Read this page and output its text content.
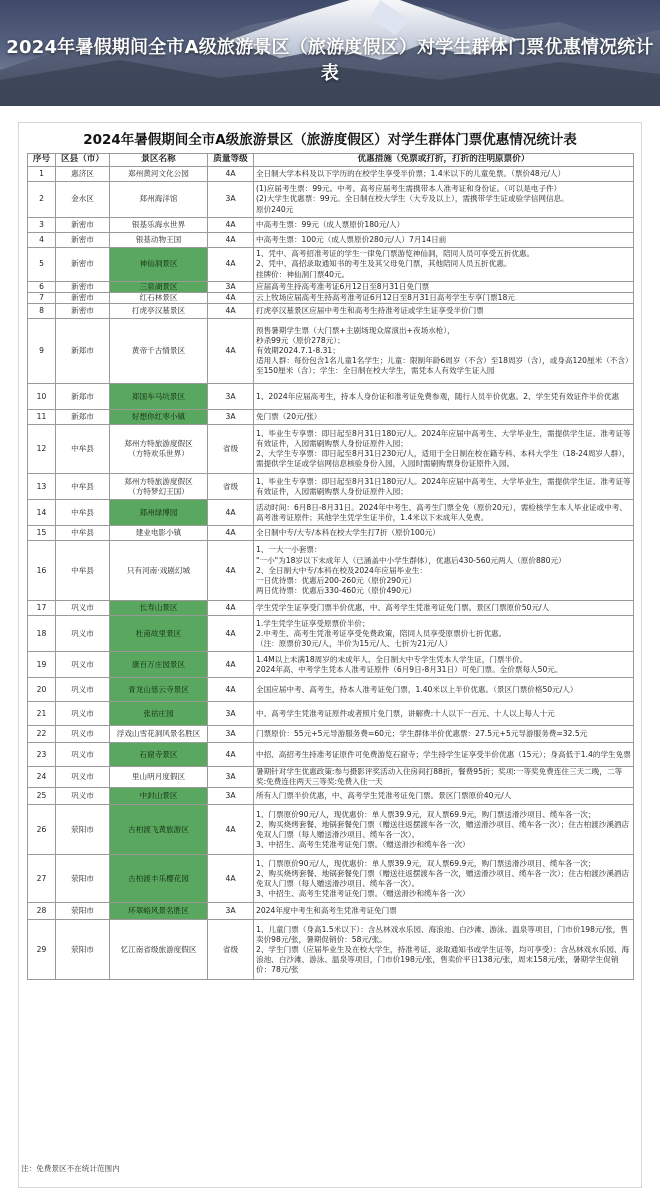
2024年暑假期间全市A级旅游景区（旅游度假区）对学生群体门票优惠情况统计表
2024年暑假期间全市A级旅游景区（旅游度假区）对学生群体门票优惠情况统计表
序号	区县（市）	景区名称	质量等级	优惠措施（免票或打折，打折的注明原票价）
1	惠济区	郑州黄河文化公园	4A	全日制大学本科及以下学历的在校学生享受半价票；1.4米以下的儿童免票。（票价48元/人）
2	金水区	郑州海洋馆	3A	(1)应届考生票：99元。中考、高考应届考生需携带本人准考证和身份证。（可以是电子件）
(2)大学生优惠票：99元。全日制在校大学生（大专及以上），需携带学生证或验学信网信息。
原价240元
3	新密市	银基乐海水世界	4A	中高考生票：99元（成人票原价180元/人）
4	新密市	银基动物王国	4A	中高考生票：100元（成人票原价280元/人）7月14日前
5	新密市	神仙洞景区	4A	1、凭中、高考招准考证的学生一律免门票游览神仙洞，陪同人员可享受五折优惠。
2、凭中、高招录取通知书的考生及其父母免门票，其他陪同人员五折优惠。
挂牌价：神仙洞门票40元。
6	新密市	三泉湖景区	3A	应届高考生持高考准考证6月12日至8月31日免门票
7	新密市	红石林景区	4A	云上牧场应届高考生持高考准考证6月12日至8月31日高考学生专享门票18元
8	新密市	打虎亭汉墓景区	4A	打虎亭汉墓景区应届中考生和高考生持准考证或学生证享受半价门票
9	新郑市	黄帝千古情景区	4A	预售暑期学生票（大门票+主剧场现众席演出+夜场水枪），
秒杀99元（原价278元）；
有效期2024.7.1-8.31；
适用人群：每份包含1名儿童1名学生；儿童：限制年龄6周岁（不含）至18周岁（含），或身高120厘米（不含）至150厘米（含）；学生：全日制在校大学生，需凭本人有效学生证入园
10	新郑市	郑国车马坑景区	3A	1、2024年应届高考生，持本人身份证和准考证免费参观，随行人员半价优惠。2、学生凭有效证件半价优惠
11	新郑市	好想你红枣小镇	3A	免门票（20元/张）
12	中牟县	郑州方特旅游度假区
（方特欢乐世界）	省级	1、毕业生专享票：即日起至8月31日180元/人。2024年应届中高考生、大学毕业生，需提供学生证、准考证等有效证件，入园需刷购票人身份证原件入园；
2、大学生专享票：即日起至8月31日230元/人，适用于全日制在校在籍专科、本科大学生（18-24周岁人群），需提供学生证或学信网信息核验身份入园，入园时需刷购票身份证原件入园。
13	中牟县	郑州方特旅游度假区
（方特梦幻王国）	省级	1、毕业生专享票：即日起至8月31日180元/人。2024年应届中高考生、大学毕业生，需提供学生证、准考证等有效证件，入园需刷购票人身份证原件入园；
14	中牟县	郑州绿博园	4A	活动时间：6月8日-8月31日。2024年中考生、高考生门票全免（原价20元），需检核学生本人毕业证或中考、高考准考证原件；其他学生凭学生证半价，1.4米以下未成年人免费。
15	中牟县	建业电影小镇	4A	全日制中专/大专/本科在校大学生打7折（原价100元）
16	中牟县	只有河南·戏剧幻城	4A	1、一大一小套票：
"一小"为18岁以下未成年人（已涵盖中小学生群体），优惠后430-560元两人（原价880元）
2、全日制大中专/本科在校及2024年应届毕业生：
一日优待票：优惠后200-260元（原价290元）
两日优待票：优惠后330-460元（原价490元）
17	巩义市	长寿山景区	4A	学生凭学生证享受门票半价优惠，中、高考学生凭准考证免门票。景区门票原价50元/人
18	巩义市	杜甫故里景区	4A	1.学生凭学生证享受原票价半价；
2.中考生、高考生凭准考证享受免费政策，陪同人员享受原票价七折优惠。
（注：原票价30元/人，半价为15元/人、七折为21元/人）
19	巩义市	康百万庄园景区	4A	1.4M以上未满18周岁的未成年人、全日制大中专学生凭本人学生证，门票半价。
2024年高、中考学生凭本人准考证原件（6月9日-8月31日）可免门票。全价票每人50元。
20	巩义市	青龙山慈云寺景区	4A	全国应届中考、高考生，持本人准考证免门票，1.40米以上半价优惠。（景区门票价格50元/人）
21	巩义市	张祜庄园	3A	中、高考学生凭准考证原件或者照片免门票，讲解费:十人以下一百元、十人以上每人十元
22	巩义市	浮戏山雪花洞风景名胜区	3A	门票原价：55元+5元导游服务费=60元；学生群体半价优惠票：27.5元+5元导游服务费=32.5元
23	巩义市	石窟寺景区	4A	中招、高招考生持准考证原件可免费游览石窟寺；学生持学生证享受半价优惠（15元）；身高低于1.4的学生免票
24	巩义市	里山明月度假区	3A	暑期针对学生优惠政策:参与摄影评奖活动入住房间打88折，餐费95折；奖项:一等奖免费连住三天二晚，二等奖:免费连住两天三等奖:免费入住一天
25	巩义市	中封山景区	3A	所有人门票半价优惠，中、高考学生凭准考证免门票。景区门票原价40元/人
26	荥阳市	古柏渡飞黄旅游区	4A	1、门票原价90元/人，现优惠价：单人票39.9元，双人票69.9元，购门票送滑沙项目、缆车各一次；
2、购买烧烤套餐、地锅套餐免门票（赠送往返摆渡车各一次，赠送滑沙项目、缆车各一次）；住古柏渡沙溪酒店免双人门票（每人赠送滑沙项目、缆车各一次）。
3、中招生、高考生凭准考证免门票。（赠送滑沙和缆车各一次）
27	荥阳市	古柏渡丰乐樱花园	4A	1、门票原价90元/人，现优惠价：单人票39.9元，双人票69.9元，购门票送滑沙项目、缆车各一次；
2、购买烧烤套餐、地锅套餐免门票（赠送往返摆渡车各一次，赠送滑沙项目、缆车各一次）；住古柏渡沙溪酒店免双人门票（每人赠送滑沙项目、缆车各一次）。
3、中招生、高考生凭准考证免门票。（赠送滑沙和缆车各一次）
28	荥阳市	环翠峪风景名胜区	3A	2024年度中考生和高考生凭准考证免门票
29	荥阳市	忆江南省级旅游度假区	省级	1、儿童门票（身高1.5米以下）：含丛林戏水乐园、海浪池、白沙滩、游泳、温泉等项目，门市价198元/张，售卖价98元/张，暑期促销价：58元/张。
2、学生门票（应届毕业生及在校大学生，持准考证、录取通知书或学生证等，均可享受）：含丛林戏水乐园、海浪池、白沙滩、游泳、温泉等项目，门市价198元/张，售卖价平日138元/张，周末158元/张，暑期学生促销价：78元/张
注：免费景区不在统计范围内
